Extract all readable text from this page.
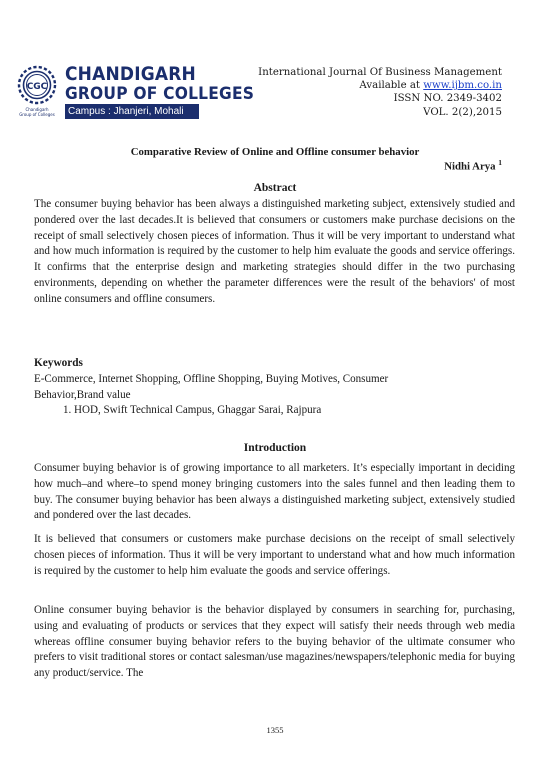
CGC
Chandigarh
Group of Colleges
CHANDIGARH
GROUP OF COLLEGES
Campus : Jhanjeri, Mohali
International Journal Of Business Management
Available at www.ijbm.co.in
ISSN NO. 2349-3402
VOL. 2(2),2015
Comparative Review of Online and Offline consumer behavior
Nidhi Arya $^1$
Abstract

The consumer buying behavior has been always a distinguished marketing subject, extensively studied and pondered over the last decades.It is believed that consumers or customers make purchase decisions on the receipt of small selectively chosen pieces of information. Thus it will be very important to understand what and how much information is required by the customer to help him evaluate the goods and service offerings. It confirms that the enterprise design and marketing strategies should differ in the two purchasing environments, depending on whether the parameter differences were the result of the behaviors' of most online consumers and offline consumers.

Keywords
E-Commerce, Internet Shopping, Offline Shopping, Buying Motives, Consumer Behavior,Brand value
1. HOD, Swift Technical Campus, Ghaggar Sarai, Rajpura
Introduction

Consumer buying behavior is of growing importance to all marketers. It’s especially important in deciding how much–and where–to spend money bringing customers into the sales funnel and then leading them to buy. The consumer buying behavior has been always a distinguished marketing subject, extensively studied and pondered over the last decades.

It is believed that consumers or customers make purchase decisions on the receipt of small selectively chosen pieces of information. Thus it will be very important to understand what and how much information is required by the customer to help him evaluate the goods and service offerings.

Online consumer buying behavior is the behavior displayed by consumers in searching for, purchasing, using and evaluating of products or services that they expect will satisfy their needs through web media whereas offline consumer buying behavior refers to the buying behavior of the ultimate consumer who prefers to visit traditional stores or contact salesman/use magazines/newspapers/telephonic media for buying any product/service. The

1355
